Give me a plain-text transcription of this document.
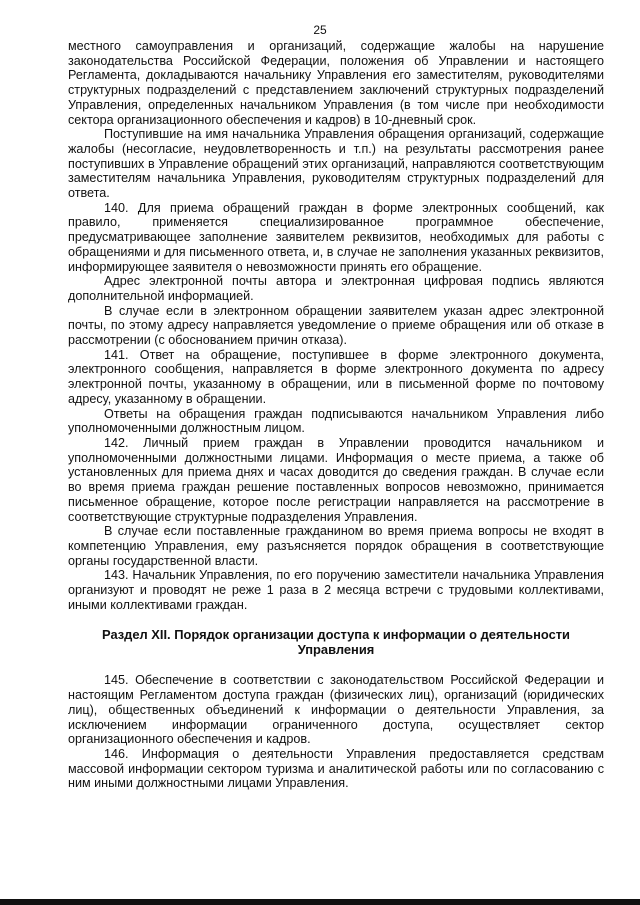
25

местного самоуправления и организаций, содержащие жалобы на нарушение законодательства Российской Федерации, положения об Управлении и настоящего Регламента, докладываются начальнику Управления его заместителям, руководителями структурных подразделений с представлением заключений структурных подразделений Управления, определенных начальником Управления (в том числе при необходимости сектора организационного обеспечения и кадров) в 10-дневный срок.

Поступившие на имя начальника Управления обращения организаций, содержащие жалобы (несогласие, неудовлетворенность и т.п.) на результаты рассмотрения ранее поступивших в Управление обращений этих организаций, направляются соответствующим заместителям начальника Управления, руководителям структурных подразделений для ответа.

140. Для приема обращений граждан в форме электронных сообщений, как правило, применяется специализированное программное обеспечение, предусматривающее заполнение заявителем реквизитов, необходимых для работы с обращениями и для письменного ответа, и, в случае не заполнения указанных реквизитов, информирующее заявителя о невозможности принять его обращение.

Адрес электронной почты автора и электронная цифровая подпись являются дополнительной информацией.

В случае если в электронном обращении заявителем указан адрес электронной почты, по этому адресу направляется уведомление о приеме обращения или об отказе в рассмотрении (с обоснованием причин отказа).

141. Ответ на обращение, поступившее в форме электронного документа, электронного сообщения, направляется в форме электронного документа по адресу электронной почты, указанному в обращении, или в письменной форме по почтовому адресу, указанному в обращении.

Ответы на обращения граждан подписываются начальником Управления либо уполномоченными должностным лицом.

142. Личный прием граждан в Управлении проводится начальником и уполномоченными должностными лицами. Информация о месте приема, а также об установленных для приема днях и часах доводится до сведения граждан. В случае если во время приема граждан решение поставленных вопросов невозможно, принимается письменное обращение, которое после регистрации направляется на рассмотрение в соответствующие структурные подразделения Управления.

В случае если поставленные гражданином во время приема вопросы не входят в компетенцию Управления, ему разъясняется порядок обращения в соответствующие органы государственной власти.

143. Начальник Управления, по его поручению заместители начальника Управления организуют и проводят не реже 1 раза в 2 месяца встречи с трудовыми коллективами, иными коллективами граждан.

Раздел XII. Порядок организации доступа к информации о деятельности
Управления

145. Обеспечение в соответствии с законодательством Российской Федерации и настоящим Регламентом доступа граждан (физических лиц), организаций (юридических лиц), общественных объединений к информации о деятельности Управления, за исключением информации ограниченного доступа, осуществляет сектор организационного обеспечения и кадров.

146. Информация о деятельности Управления предоставляется средствам массовой информации сектором туризма и аналитической работы или по согласованию с ним иными должностными лицами Управления.
